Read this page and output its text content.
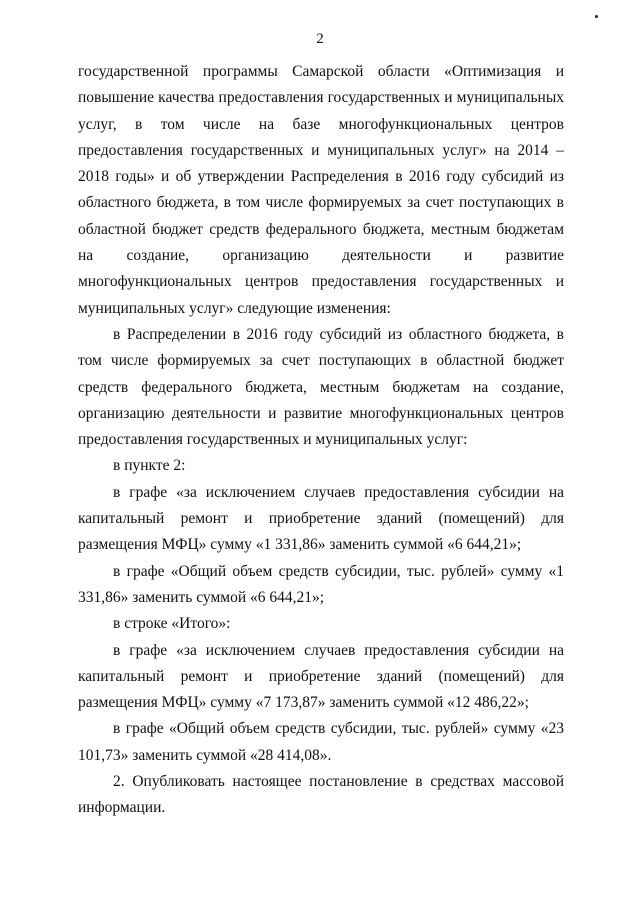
2

государственной программы Самарской области «Оптимизация и повышение качества предоставления государственных и муниципальных услуг, в том числе на базе многофункциональных центров предоставления государственных и муниципальных услуг» на 2014 – 2018 годы» и об утверждении Распределения в 2016 году субсидий из областного бюджета, в том числе формируемых за счет поступающих в областной бюджет средств федерального бюджета, местным бюджетам на создание, организацию деятельности и развитие многофункциональных центров предоставления государственных и муниципальных услуг» следующие изменения:

в Распределении в 2016 году субсидий из областного бюджета, в том числе формируемых за счет поступающих в областной бюджет средств федерального бюджета, местным бюджетам на создание, организацию деятельности и развитие многофункциональных центров предоставления государственных и муниципальных услуг:

в пункте 2:

в графе «за исключением случаев предоставления субсидии на капитальный ремонт и приобретение зданий (помещений) для размещения МФЦ» сумму «1 331,86» заменить суммой «6 644,21»;

в графе «Общий объем средств субсидии, тыс. рублей» сумму «1 331,86» заменить суммой «6 644,21»;

в строке «Итого»:

в графе «за исключением случаев предоставления субсидии на капитальный ремонт и приобретение зданий (помещений) для размещения МФЦ» сумму «7 173,87» заменить суммой «12 486,22»;

в графе «Общий объем средств субсидии, тыс. рублей» сумму «23 101,73» заменить суммой «28 414,08».

2. Опубликовать настоящее постановление в средствах массовой информации.
